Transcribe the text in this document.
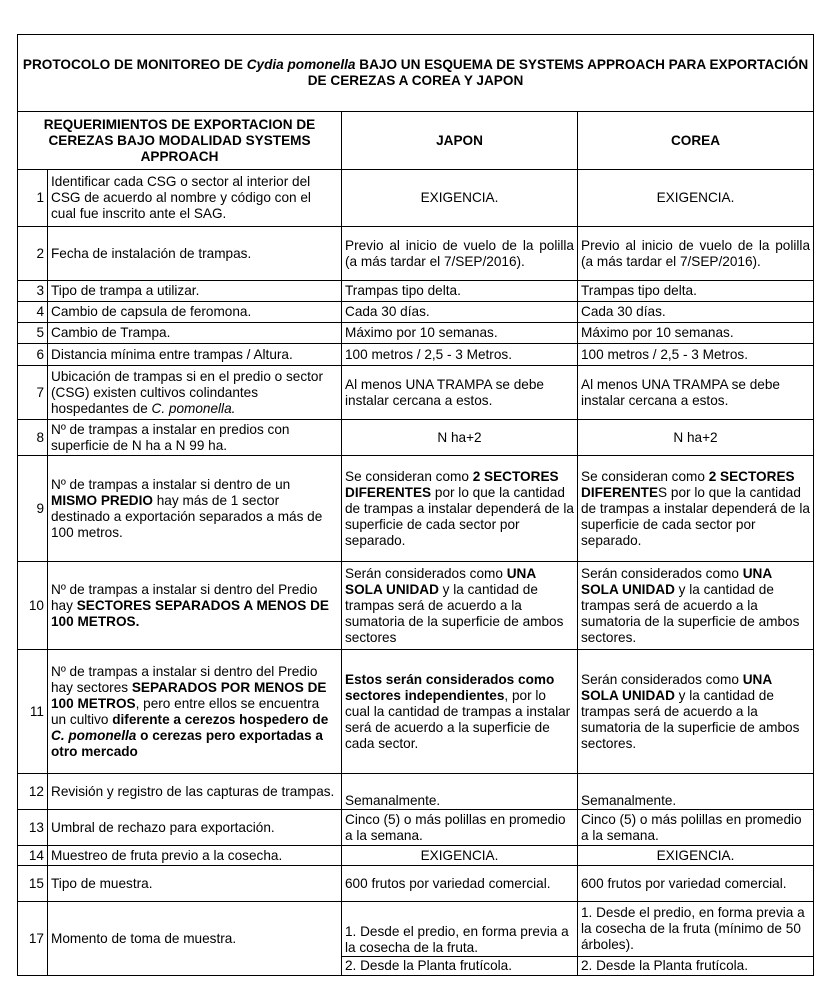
PROTOCOLO DE MONITOREO DE Cydia pomonella BAJO UN ESQUEMA DE SYSTEMS APPROACH PARA EXPORTACIÓN DE CEREZAS A COREA Y JAPON			
REQUERIMIENTOS DE EXPORTACION DE CEREZAS BAJO MODALIDAD SYSTEMS APPROACH		JAPON	COREA
1	Identificar cada CSG o sector al interior del CSG de acuerdo al nombre y código con el cual fue inscrito ante el SAG.	EXIGENCIA.	EXIGENCIA.
2	Fecha de instalación de trampas.	Previo al inicio de vuelo de la polilla (a más tardar el 7/SEP/2016).	Previo al inicio de vuelo de la polilla (a más tardar el 7/SEP/2016).
3	Tipo de trampa a utilizar.	Trampas tipo delta.	Trampas tipo delta.
4	Cambio de capsula de feromona.	Cada 30 días.	Cada 30 días.
5	Cambio de Trampa.	Máximo por 10 semanas.	Máximo por 10 semanas.
6	Distancia mínima entre trampas / Altura.	100 metros / 2,5 - 3 Metros.	100 metros / 2,5 - 3 Metros.
7	Ubicación de trampas si en el predio o sector (CSG) existen cultivos colindantes hospedantes de C. pomonella.	Al menos UNA TRAMPA se debe instalar cercana a estos.	Al menos UNA TRAMPA se debe instalar cercana a estos.
8	Nº de trampas a instalar en predios con superficie de N ha a N 99 ha.	N ha+2	N ha+2
9	Nº de trampas a instalar si dentro de un MISMO PREDIO hay más de 1 sector destinado a exportación separados a más de 100 metros.	Se consideran como 2 SECTORES DIFERENTES por lo que la cantidad de trampas a instalar dependerá de la superficie de cada sector por separado.	Se consideran como 2 SECTORES DIFERENTES por lo que la cantidad de trampas a instalar dependerá de la superficie de cada sector por separado.
10	Nº de trampas a instalar si dentro del Predio hay SECTORES SEPARADOS A MENOS DE 100 METROS.	Serán considerados como UNA SOLA UNIDAD y la cantidad de trampas será de acuerdo a la sumatoria de la superficie de ambos sectores	Serán considerados como UNA SOLA UNIDAD y la cantidad de trampas será de acuerdo a la sumatoria de la superficie de ambos sectores.
11	Nº de trampas a instalar si dentro del Predio hay sectores SEPARADOS POR MENOS DE 100 METROS, pero entre ellos se encuentra un cultivo diferente a cerezos hospedero de C. pomonella o cerezas pero exportadas a otro mercado	Estos serán considerados como sectores independientes, por lo cual la cantidad de trampas a instalar será de acuerdo a la superficie de cada sector.	Serán considerados como UNA SOLA UNIDAD y la cantidad de trampas será de acuerdo a la sumatoria de la superficie de ambos sectores.
12	Revisión y registro de las capturas de trampas.	Semanalmente.	Semanalmente.
13	Umbral de rechazo para exportación.	Cinco (5) o más polillas en promedio a la semana.	Cinco (5) o más polillas en promedio a la semana.
14	Muestreo de fruta previo a la cosecha.	EXIGENCIA.	EXIGENCIA.
15	Tipo de muestra.	600 frutos por variedad comercial.	600 frutos por variedad comercial.
17	Momento de toma de muestra.	1. Desde el predio, en forma previa a la cosecha de la fruta.	1. Desde el predio, en forma previa a la cosecha de la fruta (mínimo de 50 árboles).
		2. Desde la Planta frutícola.	2. Desde la Planta frutícola.
